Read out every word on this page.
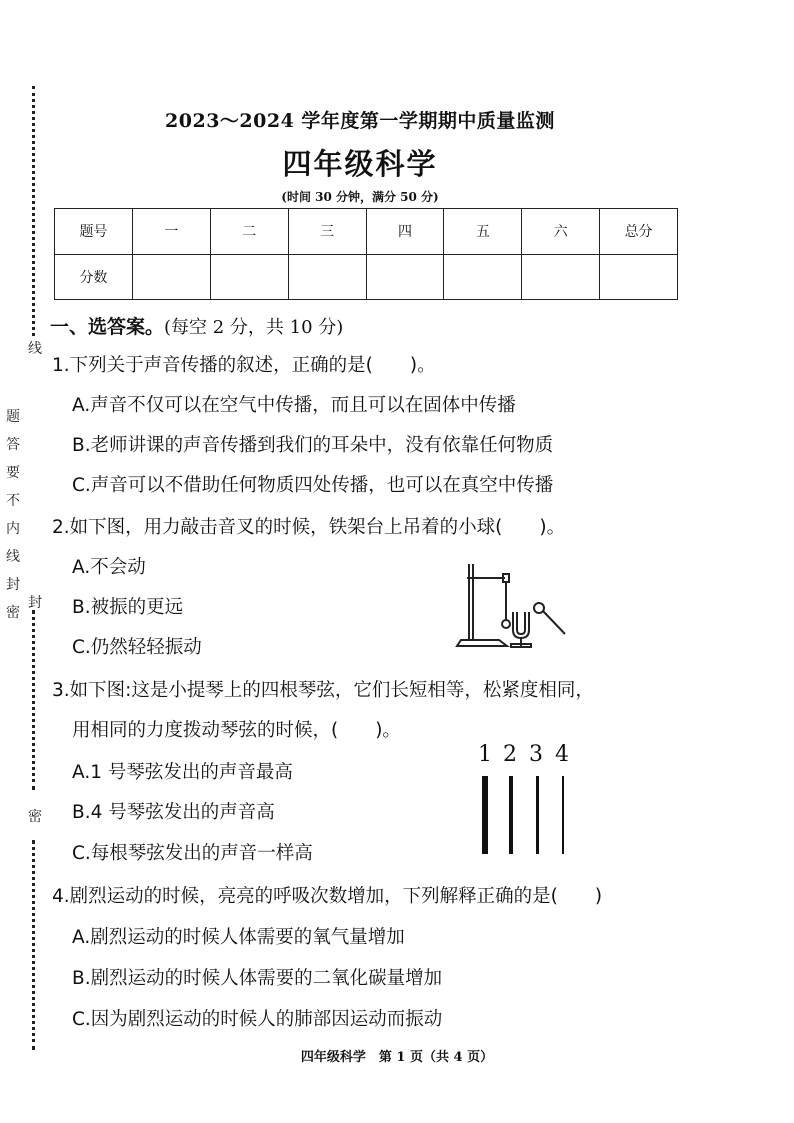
线
封
密
题
答
要
不
内
线
封
密
2023～2024 学年度第一学期期中质量监测
四年级科学
(时间 30 分钟，满分 50 分)
题号	一	二	三	四	五	六	总分
分数							
一、选答案。(每空 2 分，共 10 分)
1.下列关于声音传播的叙述，正确的是(　　)。
A.声音不仅可以在空气中传播，而且可以在固体中传播
B.老师讲课的声音传播到我们的耳朵中，没有依靠任何物质
C.声音可以不借助任何物质四处传播，也可以在真空中传播
2.如下图，用力敲击音叉的时候，铁架台上吊着的小球(　　)。
A.不会动
B.被振的更远
C.仍然轻轻振动
3.如下图:这是小提琴上的四根琴弦，它们长短相等，松紧度相同，
用相同的力度拨动琴弦的时候，(　　)。
A.1 号琴弦发出的声音最高
B.4 号琴弦发出的声音高
C.每根琴弦发出的声音一样高
1 2 3 4
4.剧烈运动的时候，亮亮的呼吸次数增加，下列解释正确的是(　　)
A.剧烈运动的时候人体需要的氧气量增加
B.剧烈运动的时候人体需要的二氧化碳量增加
C.因为剧烈运动的时候人的肺部因运动而振动
四年级科学　第 1 页（共 4 页）
